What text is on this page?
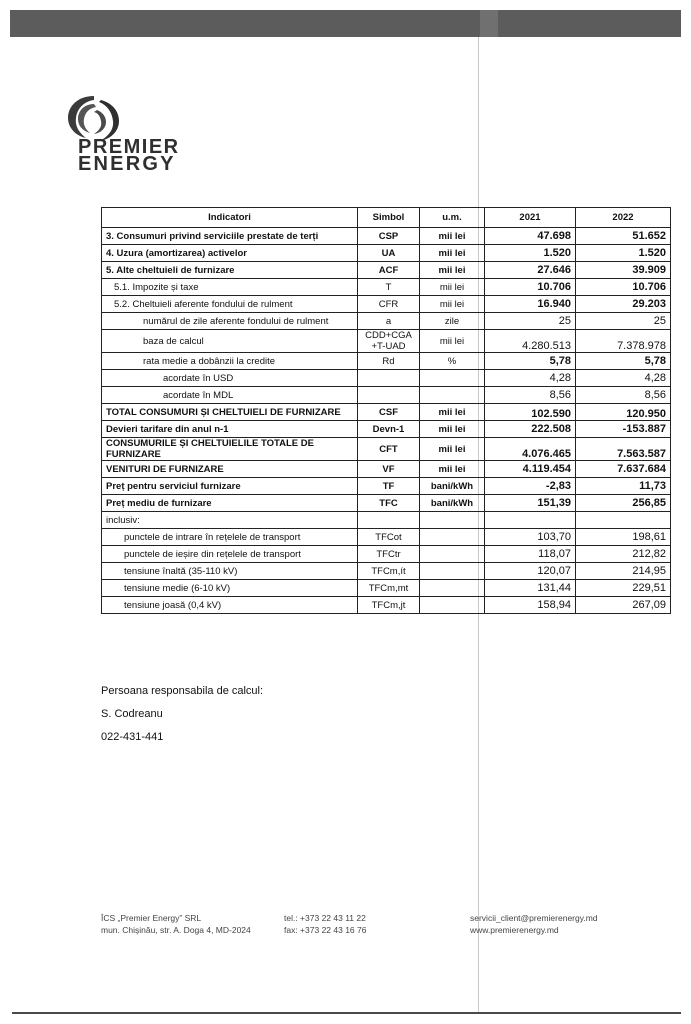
PREMIER
ENERGY
Indicatori	Simbol	u.m.	2021	2022
3. Consumuri privind serviciile prestate de terți	CSP	mii lei	47.698	51.652
4. Uzura (amortizarea) activelor	UA	mii lei	1.520	1.520
5. Alte cheltuieli de furnizare	ACF	mii lei	27.646	39.909
5.1. Impozite și taxe	T	mii lei	10.706	10.706
5.2. Cheltuieli aferente fondului de rulment	CFR	mii lei	16.940	29.203
numărul de zile aferente fondului de rulment	a	zile	25	25
baza de calcul	CDD+CGA +T-UAD	mii lei	4.280.513	7.378.978
rata medie a dobânzii la credite	Rd	%	5,78	5,78
acordate în USD			4,28	4,28
acordate în MDL			8,56	8,56
TOTAL CONSUMURI ȘI CHELTUIELI DE FURNIZARE	CSF	mii lei	102.590	120.950
Devieri tarifare din anul n-1	Devn-1	mii lei	222.508	-153.887
CONSUMURILE ȘI CHELTUIELILE TOTALE DE FURNIZARE	CFT	mii lei	4.076.465	7.563.587
VENITURI DE FURNIZARE	VF	mii lei	4.119.454	7.637.684
Preț pentru serviciul furnizare	TF	bani/kWh	-2,83	11,73
Preț mediu de furnizare	TFC	bani/kWh	151,39	256,85
inclusiv:				
punctele de intrare în rețelele de transport	TFCot		103,70	198,61
punctele de ieșire din rețelele de transport	TFCtr		118,07	212,82
tensiune înaltă (35-110 kV)	TFCm,ít		120,07	214,95
tensiune medie (6-10 kV)	TFCm,mt		131,44	229,51
tensiune joasă (0,4 kV)	TFCm,jt		158,94	267,09
Persoana responsabila de calcul:
S. Codreanu
022-431-441
ÎCS „Premier Energy” SRL
mun. Chișinău, str. A. Doga 4, MD-2024
tel.: +373 22 43 11 22
fax: +373 22 43 16 76
servicii_client@premierenergy.md
www.premierenergy.md
